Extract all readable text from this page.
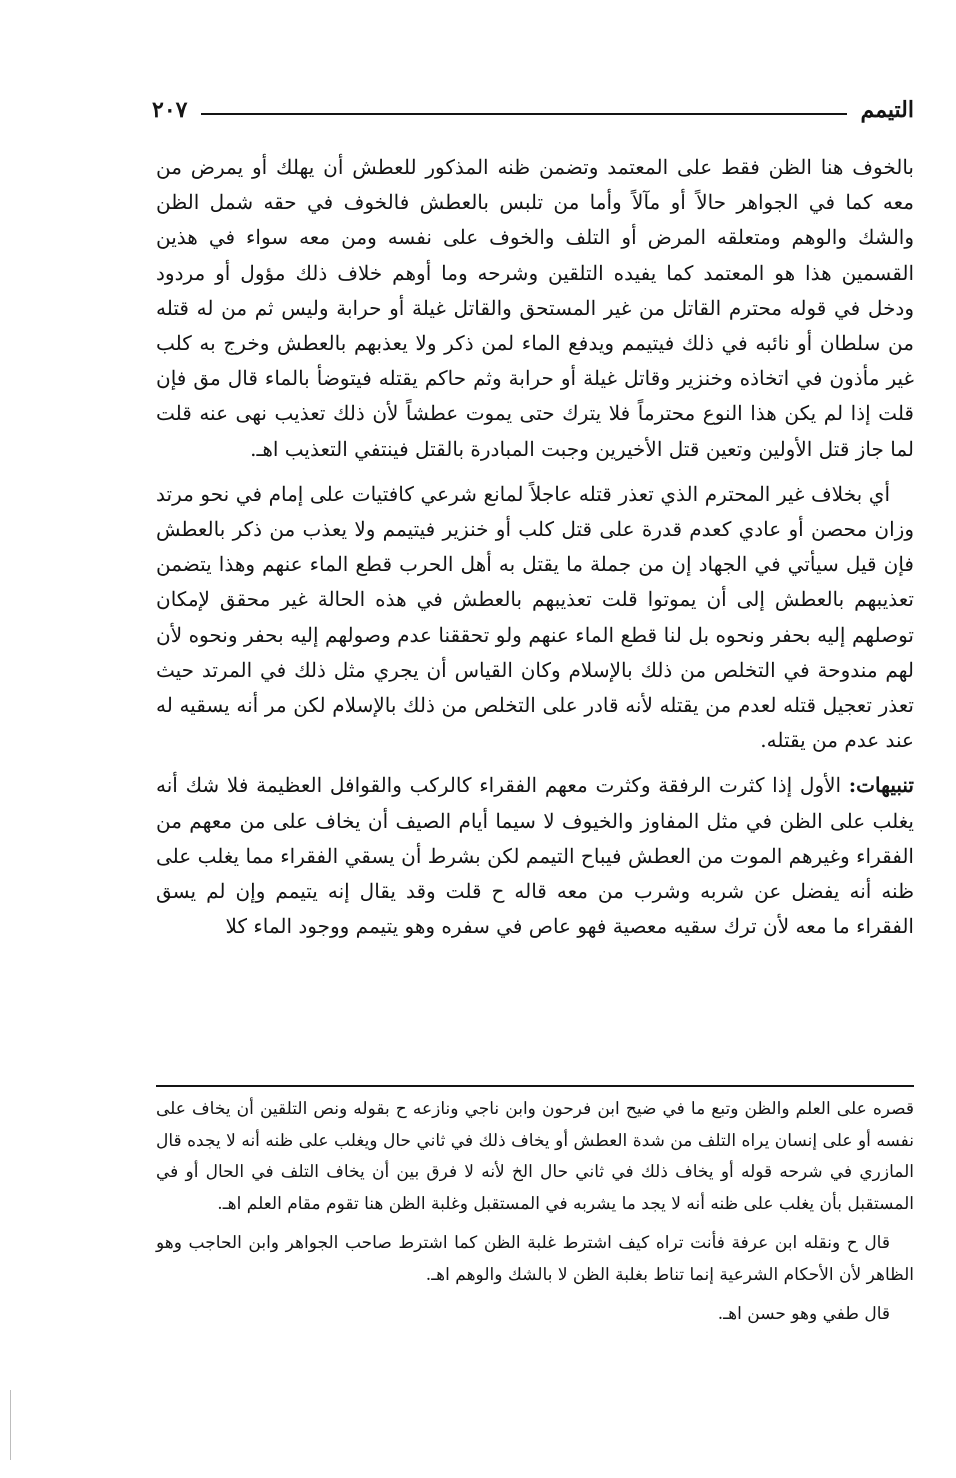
التيمم
٢٠٧

بالخوف هنا الظن فقط على المعتمد وتضمن ظنه المذكور للعطش أن يهلك أو يمرض من معه كما في الجواهر حالاً أو مآلاً وأما من تلبس بالعطش فالخوف في حقه شمل الظن والشك والوهم ومتعلقه المرض أو التلف والخوف على نفسه ومن معه سواء في هذين القسمين هذا هو المعتمد كما يفيده التلقين وشرحه وما أوهم خلاف ذلك مؤول أو مردود ودخل في قوله محترم القاتل من غير المستحق والقاتل غيلة أو حرابة وليس ثم من له قتله من سلطان أو نائبه في ذلك فيتيمم ويدفع الماء لمن ذكر ولا يعذبهم بالعطش وخرج به كلب غير مأذون في اتخاذه وخنزير وقاتل غيلة أو حرابة وثم حاكم يقتله فيتوضأ بالماء قال مق فإن قلت إذا لم يكن هذا النوع محترماً فلا يترك حتى يموت عطشاً لأن ذلك تعذيب نهى عنه قلت لما جاز قتل الأولين وتعين قتل الأخيرين وجبت المبادرة بالقتل فينتفي التعذيب اهـ.

أي بخلاف غير المحترم الذي تعذر قتله عاجلاً لمانع شرعي كافتيات على إمام في نحو مرتد وزان محصن أو عادي كعدم قدرة على قتل كلب أو خنزير فيتيمم ولا يعذب من ذكر بالعطش فإن قيل سيأتي في الجهاد إن من جملة ما يقتل به أهل الحرب قطع الماء عنهم وهذا يتضمن تعذيبهم بالعطش إلى أن يموتوا قلت تعذيبهم بالعطش في هذه الحالة غير محقق لإمكان توصلهم إليه بحفر ونحوه بل لنا قطع الماء عنهم ولو تحققنا عدم وصولهم إليه بحفر ونحوه لأن لهم مندوحة في التخلص من ذلك بالإسلام وكان القياس أن يجري مثل ذلك في المرتد حيث تعذر تعجيل قتله لعدم من يقتله لأنه قادر على التخلص من ذلك بالإسلام لكن مر أنه يسقيه له عند عدم من يقتله.

تنبيهات: الأول إذا كثرت الرفقة وكثرت معهم الفقراء كالركب والقوافل العظيمة فلا شك أنه يغلب على الظن في مثل المفاوز والخيوف لا سيما أيام الصيف أن يخاف على من معهم من الفقراء وغيرهم الموت من العطش فيباح التيمم لكن بشرط أن يسقي الفقراء مما يغلب على ظنه أنه يفضل عن شربه وشرب من معه قاله ح قلت وقد يقال إنه يتيمم وإن لم يسق الفقراء ما معه لأن ترك سقيه معصية فهو عاص في سفره وهو يتيمم ووجود الماء كلا

قصره على العلم والظن وتبع ما في ضيح ابن فرحون وابن ناجي ونازعه ح بقوله ونص التلقين أن يخاف على نفسه أو على إنسان يراه التلف من شدة العطش أو يخاف ذلك في ثاني حال ويغلب على ظنه أنه لا يجده قال المازري في شرحه قوله أو يخاف ذلك في ثاني حال الخ لأنه لا فرق بين أن يخاف التلف في الحال أو في المستقبل بأن يغلب على ظنه أنه لا يجد ما يشربه في المستقبل وغلبة الظن هنا تقوم مقام العلم اهـ.

قال ح ونقله ابن عرفة فأنت تراه كيف اشترط غلبة الظن كما اشترط صاحب الجواهر وابن الحاجب وهو الظاهر لأن الأحكام الشرعية إنما تناط بغلبة الظن لا بالشك والوهم اهـ.

قال طفي وهو حسن اهـ.
